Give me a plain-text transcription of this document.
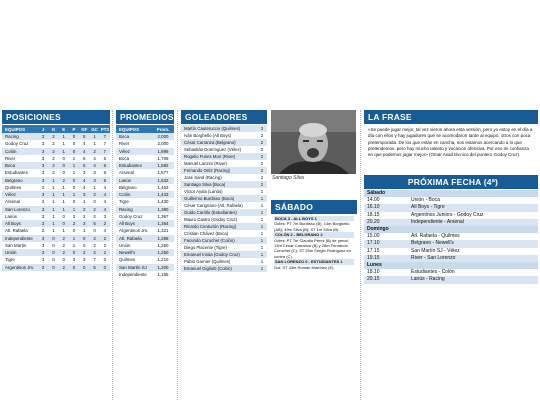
POSICIONES
EQUIPOS	J	G	E	P	GF	GC	PTS
Racing	3	2	1	0	5	1	7
Godoy Cruz	3	2	1	0	4	1	7
Colón	3	2	1	0	4	2	7
River	3	2	0	1	6	4	6
Boca	3	2	0	1	5	4	6
Estudiantes	3	2	0	1	3	3	6
Belgrano	3	1	2	0	4	3	5
Quilmes	2	1	1	0	4	1	4
Vélez	3	1	1	1	3	2	4
Arsenal	2	1	1	0	1	0	4
San Lorenzo	3	1	1	1	2	2	4
Lanús	3	1	0	2	2	2	3
All Boys	3	1	0	2	3	5	2
Atl. Rafaela	2	1	1	0	1	0	4
Independiente	3	0	2	1	0	2	2
San Martín	3	0	2	1	0	2	2
Unión	2	0	2	0	2	2	2
Tigre	3	0	0	3	3	7	0
Argentinos Jrs.	2	0	2	0	0	5	0
PROMEDIOS
EQUIPOS	Prom.
Boca	2,000
River	2,000
Vélez	1,899
Boca	1,709
Estudiantes	1,582
Arsenal	1,577
Lanús	1,532
Belgrano	1,463
Colón	1,443
Tigre	1,430
Racing	1,380
Godoy Cruz	1,367
All Boys	1,354
Argentinos Jrs.	1,321
Atl. Rafaela	1,288
Unión	1,250
Newell's	1,250
Quilmes	1,210
San Martín SJ	1,200
Independiente	1,165
GOLEADORES
Martín Cauteruccio (Quilmes)	3
Iván Borghello (All Boys)	2
César Carranza (Belgrano)	2
Sebastián Domínguez (Vélez)	2
Rogelio Funes Mori (River)	2
Manuel Lanzini (River)	2
Fernando Ortiz (Racing)	2
José Sand (Racing)	2
Santiago Silva (Boca)	2
Víctor Ayala (Lanús)	1
Guillermo Burdisso (Boca)	1
César Carignano (Atl. Rafaela)	1
Guido Carrillo (Estudiantes)	1
Mauro Castro (Godoy Cruz)	1
Ricardo Centurión (Racing)	1
Cristian Chávez (Boca)	1
Facundo Curuchet (Colón)	1
Diego Placente (Tigre)	1
Emanuel Insúa (Godoy Cruz)	1
Pablo Garnier (Quilmes)	1
Emanuel Gigliotti (Colón)	1
Santiago Silva
SÁBADO
BOCA 3 - ALL BOYS 1
Goles: PT 7m Burdisso (B), 14m Borghello (AB); 49m Silva (B); ST 1m Silva (B).
COLÓN 2 - BELGRANO 2
Goles: PT 7m Claudio Pérez (B) de penal; 13m César Carranza (B) y 28m Fernando Curuchet (C); ST 25m Sergio Rodríguez en contra (C).
SAN LORENZO 0 - ESTUDIANTES 1
Gol: ST 33m Román Martínez (E).
LA FRASE
«Se puede jugar mejor, tal vez vieron ahora esta versión, pero yo estoy en el día a día con ellos y hay jugadores que se acomodaron tarde al equipo, otros con poca pretemporada. De los que están en cancha, nos estamos acercando a lo que pretendemos, pero hay mucho talento y vocación ofensiva. Por eso mi confianza en que podemos jugar mejor» (Omar Asad técnico del puntero Godoy Cruz).
PRÓXIMA FECHA (4ª)
Sábado
14.00	Unión - Boca
16.10	All Boys - Tigre
18.15	Argentinos Juniors - Godoy Cruz
20.20	Independiente - Arsenal
Domingo
15.00	Atl. Rafaela - Quilmes
17.10	Belgrano - Newell's
17.15	San Martín SJ - Vélez
19.15	River - San Lorenzo
Lunes
18.10	Estudiantes - Colón
20.15	Lanús - Racing
